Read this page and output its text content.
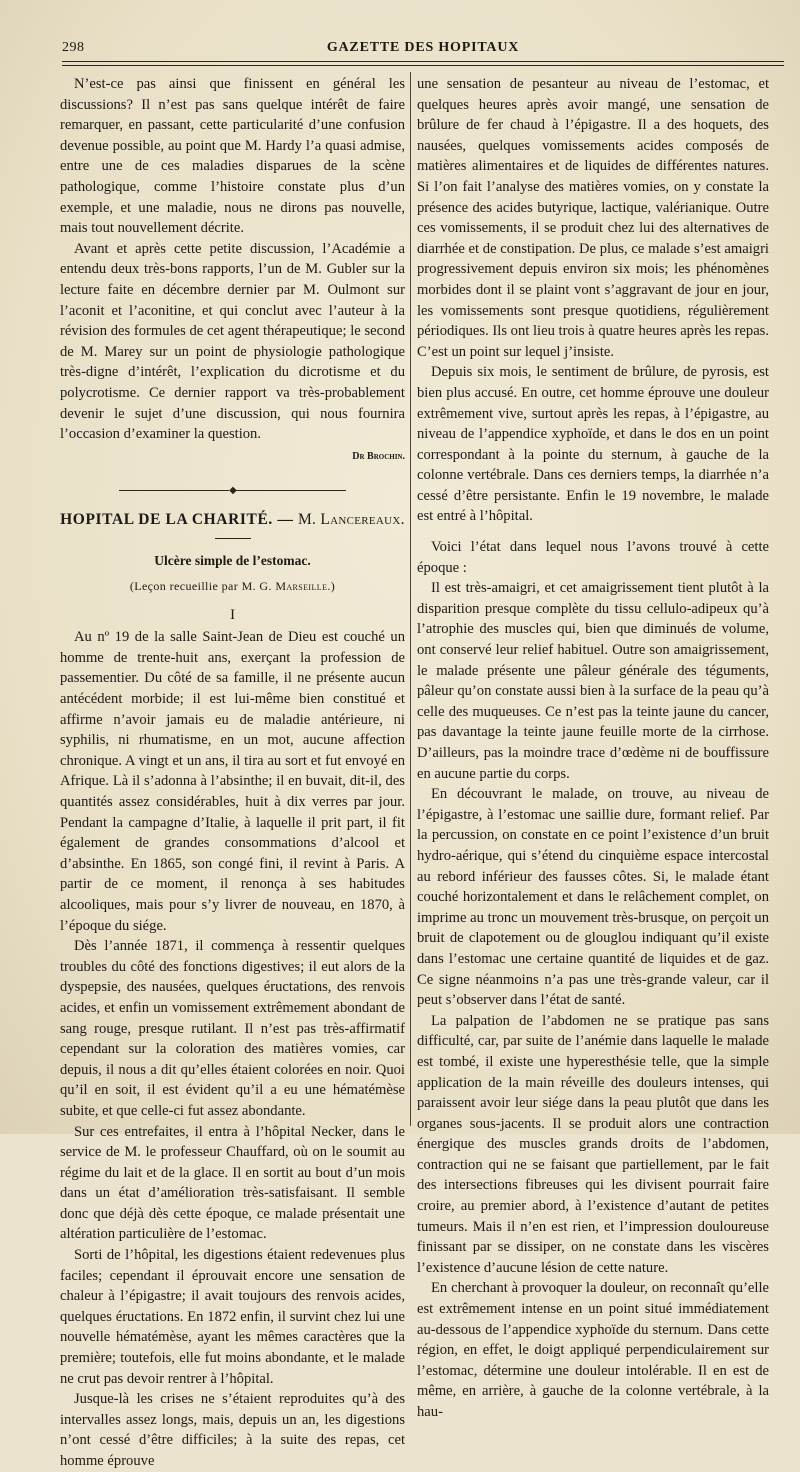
298	GAZETTE DES HOPITAUX

N’est-ce pas ainsi que finissent en général les discussions? Il n’est pas sans quelque intérêt de faire remarquer, en passant, cette particularité d’une confusion devenue possible, au point que M. Hardy l’a quasi admise, entre une de ces maladies disparues de la scène pathologique, comme l’histoire constate plus d’un exemple, et une maladie, nous ne dirons pas nouvelle, mais tout nouvellement décrite.

Avant et après cette petite discussion, l’Académie a entendu deux très-bons rapports, l’un de M. Gubler sur la lecture faite en décembre dernier par M. Oulmont sur l’aconit et l’aconitine, et qui conclut avec l’auteur à la révision des formules de cet agent thérapeutique; le second de M. Marey sur un point de physiologie pathologique très-digne d’intérêt, l’explication du dicrotisme et du polycrotisme. Ce dernier rapport va très-probablement devenir le sujet d’une discussion, qui nous fournira l’occasion d’examiner la question.

Dr Brochin.
◆

HOPITAL DE LA CHARITÉ. — M. Lancereaux.

Ulcère simple de l’estomac.
(Leçon recueillie par M. G. Marseille.)
I

Au nº 19 de la salle Saint-Jean de Dieu est couché un homme de trente-huit ans, exerçant la profession de passementier. Du côté de sa famille, il ne présente aucun antécédent morbide; il est lui-même bien constitué et affirme n’avoir jamais eu de maladie antérieure, ni syphilis, ni rhumatisme, en un mot, aucune affection chronique. A vingt et un ans, il tira au sort et fut envoyé en Afrique. Là il s’adonna à l’absinthe; il en buvait, dit-il, des quantités assez considérables, huit à dix verres par jour. Pendant la campagne d’Italie, à laquelle il prit part, il fit également de grandes consommations d’alcool et d’absinthe. En 1865, son congé fini, il revint à Paris. A partir de ce moment, il renonça à ses habitudes alcooliques, mais pour s’y livrer de nouveau, en 1870, à l’époque du siége.

Dès l’année 1871, il commença à ressentir quelques troubles du côté des fonctions digestives; il eut alors de la dyspepsie, des nausées, quelques éructations, des renvois acides, et enfin un vomissement extrêmement abondant de sang rouge, presque rutilant. Il n’est pas très-affirmatif cependant sur la coloration des matières vomies, car depuis, il nous a dit qu’elles étaient colorées en noir. Quoi qu’il en soit, il est évident qu’il a eu une hématémèse subite, et que celle-ci fut assez abondante.

Sur ces entrefaites, il entra à l’hôpital Necker, dans le service de M. le professeur Chauffard, où on le soumit au régime du lait et de la glace. Il en sortit au bout d’un mois dans un état d’amélioration très-satisfaisant. Il semble donc que déjà dès cette époque, ce malade présentait une altération particulière de l’estomac.

Sorti de l’hôpital, les digestions étaient redevenues plus faciles; cependant il éprouvait encore une sensation de chaleur à l’épigastre; il avait toujours des renvois acides, quelques éructations. En 1872 enfin, il survint chez lui une nouvelle hématémèse, ayant les mêmes caractères que la première; toutefois, elle fut moins abondante, et le malade ne crut pas devoir rentrer à l’hôpital.

Jusque-là les crises ne s’étaient reproduites qu’à des intervalles assez longs, mais, depuis un an, les digestions n’ont cessé d’être difficiles; à la suite des repas, cet homme éprouve

une sensation de pesanteur au niveau de l’estomac, et quelques heures après avoir mangé, une sensation de brûlure de fer chaud à l’épigastre. Il a des hoquets, des nausées, quelques vomissements acides composés de matières alimentaires et de liquides de différentes natures. Si l’on fait l’analyse des matières vomies, on y constate la présence des acides butyrique, lactique, valérianique. Outre ces vomissements, il se produit chez lui des alternatives de diarrhée et de constipation. De plus, ce malade s’est amaigri progressivement depuis environ six mois; les phénomènes morbides dont il se plaint vont s’aggravant de jour en jour, les vomissements sont presque quotidiens, régulièrement périodiques. Ils ont lieu trois à quatre heures après les repas. C’est un point sur lequel j’insiste.

Depuis six mois, le sentiment de brûlure, de pyrosis, est bien plus accusé. En outre, cet homme éprouve une douleur extrêmement vive, surtout après les repas, à l’épigastre, au niveau de l’appendice xyphoïde, et dans le dos en un point correspondant à la pointe du sternum, à gauche de la colonne vertébrale. Dans ces derniers temps, la diarrhée n’a cessé d’être persistante. Enfin le 19 novembre, le malade est entré à l’hôpital.

Voici l’état dans lequel nous l’avons trouvé à cette époque :

Il est très-amaigri, et cet amaigrissement tient plutôt à la disparition presque complète du tissu cellulo-adipeux qu’à l’atrophie des muscles qui, bien que diminués de volume, ont conservé leur relief habituel. Outre son amaigrissement, le malade présente une pâleur générale des téguments, pâleur qu’on constate aussi bien à la surface de la peau qu’à celle des muqueuses. Ce n’est pas la teinte jaune du cancer, pas davantage la teinte jaune feuille morte de la cirrhose. D’ailleurs, pas la moindre trace d’œdème ni de bouffissure en aucune partie du corps.

En découvrant le malade, on trouve, au niveau de l’épigastre, à l’estomac une saillie dure, formant relief. Par la percussion, on constate en ce point l’existence d’un bruit hydro-aérique, qui s’étend du cinquième espace intercostal au rebord inférieur des fausses côtes. Si, le malade étant couché horizontalement et dans le relâchement complet, on imprime au tronc un mouvement très-brusque, on perçoit un bruit de clapotement ou de glouglou indiquant qu’il existe dans l’estomac une certaine quantité de liquides et de gaz. Ce signe néanmoins n’a pas une très-grande valeur, car il peut s’observer dans l’état de santé.

La palpation de l’abdomen ne se pratique pas sans difficulté, car, par suite de l’anémie dans laquelle le malade est tombé, il existe une hyperesthésie telle, que la simple application de la main réveille des douleurs intenses, qui paraissent avoir leur siége dans la peau plutôt que dans les organes sous-jacents. Il se produit alors une contraction énergique des muscles grands droits de l’abdomen, contraction qui ne se faisant que partiellement, par le fait des intersections fibreuses qui les divisent pourrait faire croire, au premier abord, à l’existence d’autant de petites tumeurs. Mais il n’en est rien, et l’impression douloureuse finissant par se dissiper, on ne constate dans les viscères l’existence d’aucune lésion de cette nature.

En cherchant à provoquer la douleur, on reconnaît qu’elle est extrêmement intense en un point situé immédiatement au-dessous de l’appendice xyphoïde du sternum. Dans cette région, en effet, le doigt appliqué perpendiculairement sur l’estomac, détermine une douleur intolérable. Il en est de même, en arrière, à gauche de la colonne vertébrale, à la hau-
